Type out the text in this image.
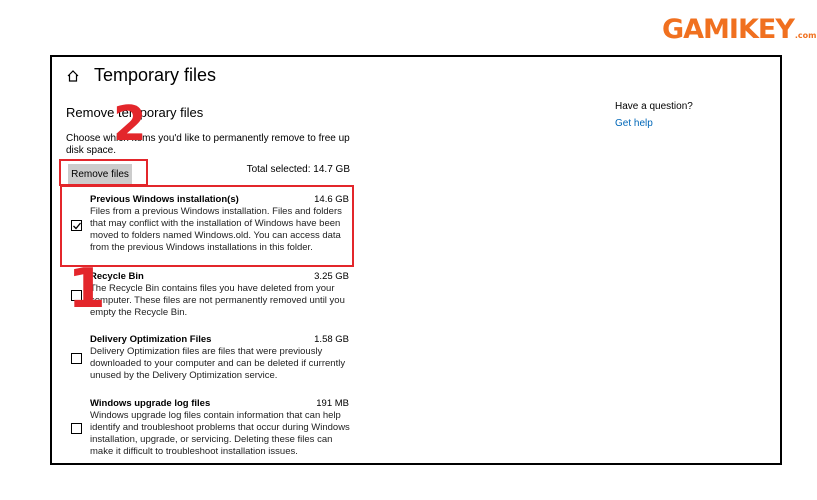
GAMIKEY.com
Temporary files
Remove temporary files
Choose which items you'd like to permanently remove to free up disk space.
Remove files	Total selected: 14.7 GB
Previous Windows installation(s)	14.6 GB
Files from a previous Windows installation. Files and folders that may conflict with the installation of Windows have been moved to folders named Windows.old. You can access data from the previous Windows installations in this folder.
Recycle Bin	3.25 GB
The Recycle Bin contains files you have deleted from your computer. These files are not permanently removed until you empty the Recycle Bin.
Delivery Optimization Files	1.58 GB
Delivery Optimization files are files that were previously downloaded to your computer and can be deleted if currently unused by the Delivery Optimization service.
Windows upgrade log files	191 MB
Windows upgrade log files contain information that can help identify and troubleshoot problems that occur during Windows installation, upgrade, or servicing. Deleting these files can make it difficult to troubleshoot installation issues.
Have a question?
Get help
2
1
